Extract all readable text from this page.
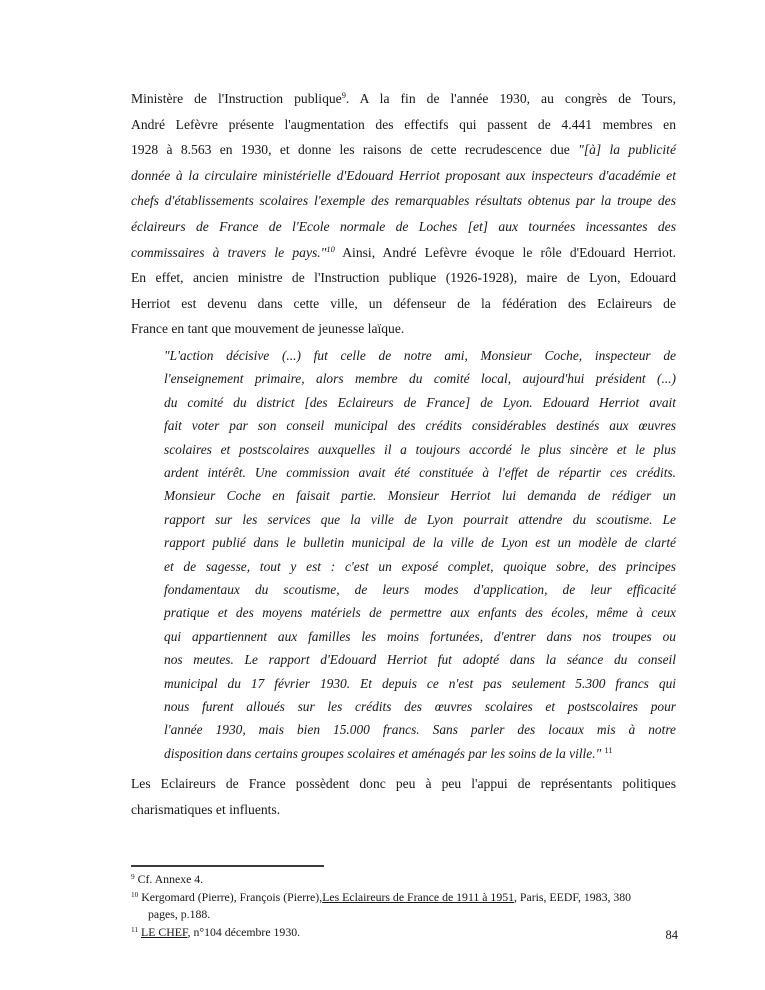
Ministère de l'Instruction publique$^9$. A la fin de l'année 1930, au congrès de Tours,
André Lefèvre présente l'augmentation des effectifs qui passent de 4.441 membres en
1928 à 8.563 en 1930, et donne les raisons de cette recrudescence due "[à] la publicité
donnée à la circulaire ministérielle d'Edouard Herriot proposant aux inspecteurs d'académie et
chefs d'établissements scolaires l'exemple des remarquables résultats obtenus par la troupe des
éclaireurs de France de l'Ecole normale de Loches [et] aux tournées incessantes des
commissaires à travers le pays."$^{10}$ Ainsi, André Lefèvre évoque le rôle d'Edouard Herriot.
En effet, ancien ministre de l'Instruction publique (1926-1928), maire de Lyon, Edouard
Herriot est devenu dans cette ville, un défenseur de la fédération des Eclaireurs de
France en tant que mouvement de jeunesse laïque.
"L'action décisive (...) fut celle de notre ami, Monsieur Coche, inspecteur de
l'enseignement primaire, alors membre du comité local, aujourd'hui président (...)
du comité du district [des Eclaireurs de France] de Lyon. Edouard Herriot avait
fait voter par son conseil municipal des crédits considérables destinés aux œuvres
scolaires et postscolaires auxquelles il a toujours accordé le plus sincère et le plus
ardent intérêt. Une commission avait été constituée à l'effet de répartir ces crédits.
Monsieur Coche en faisait partie. Monsieur Herriot lui demanda de rédiger un
rapport sur les services que la ville de Lyon pourrait attendre du scoutisme. Le
rapport publié dans le bulletin municipal de la ville de Lyon est un modèle de clarté
et de sagesse, tout y est : c'est un exposé complet, quoique sobre, des principes
fondamentaux du scoutisme, de leurs modes d'application, de leur efficacité
pratique et des moyens matériels de permettre aux enfants des écoles, même à ceux
qui appartiennent aux familles les moins fortunées, d'entrer dans nos troupes ou
nos meutes. Le rapport d'Edouard Herriot fut adopté dans la séance du conseil
municipal du 17 février 1930. Et depuis ce n'est pas seulement 5.300 francs qui
nous furent alloués sur les crédits des œuvres scolaires et postscolaires pour
l'année 1930, mais bien 15.000 francs. Sans parler des locaux mis à notre
disposition dans certains groupes scolaires et aménagés par les soins de la ville." $^{11}$
Les Eclaireurs de France possèdent donc peu à peu l'appui de représentants politiques
charismatiques et influents.
$^9$ Cf. Annexe 4.
$^{10}$ Kergomard (Pierre), François (Pierre),Les Eclaireurs de France de 1911 à 1951, Paris, EEDF, 1983, 380
pages, p.188.
$^{11}$ LE CHEF, n°104 décembre 1930.	84
